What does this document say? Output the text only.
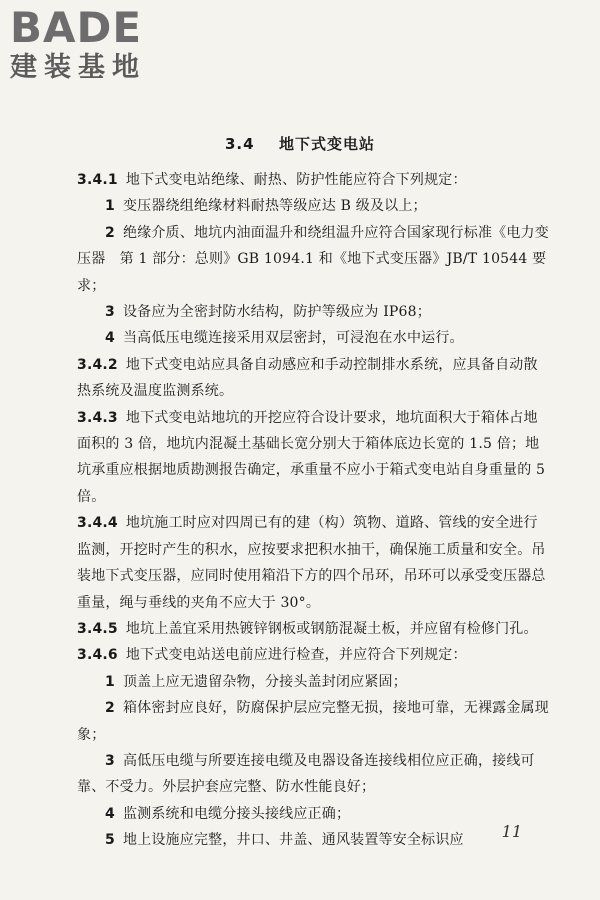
BADE
建装基地
3.4 地下式变电站

3.4.1 地下式变电站绝缘、耐热、防护性能应符合下列规定：

1 变压器绕组绝缘材料耐热等级应达 B 级及以上；

2 绝缘介质、地坑内油面温升和绕组温升应符合国家现行标准《电力变压器　第 1 部分：总则》GB 1094.1 和《地下式变压器》JB/T 10544 要求；

3 设备应为全密封防水结构，防护等级应为 IP68；

4 当高低压电缆连接采用双层密封，可浸泡在水中运行。

3.4.2 地下式变电站应具备自动感应和手动控制排水系统，应具备自动散热系统及温度监测系统。

3.4.3 地下式变电站地坑的开挖应符合设计要求，地坑面积大于箱体占地面积的 3 倍，地坑内混凝土基础长宽分别大于箱体底边长宽的 1.5 倍；地坑承重应根据地质勘测报告确定，承重量不应小于箱式变电站自身重量的 5 倍。

3.4.4 地坑施工时应对四周已有的建（构）筑物、道路、管线的安全进行监测，开挖时产生的积水，应按要求把积水抽干，确保施工质量和安全。吊装地下式变压器，应同时使用箱沿下方的四个吊环，吊环可以承受变压器总重量，绳与垂线的夹角不应大于 30°。

3.4.5 地坑上盖宜采用热镀锌钢板或钢筋混凝土板，并应留有检修门孔。

3.4.6 地下式变电站送电前应进行检查，并应符合下列规定：

1 顶盖上应无遗留杂物，分接头盖封闭应紧固；

2 箱体密封应良好，防腐保护层应完整无损，接地可靠，无裸露金属现象；

3 高低压电缆与所要连接电缆及电器设备连接线相位应正确，接线可靠、不受力。外层护套应完整、防水性能良好；

4 监测系统和电缆分接头接线应正确；

5 地上设施应完整，井口、井盖、通风装置等安全标识应	11
